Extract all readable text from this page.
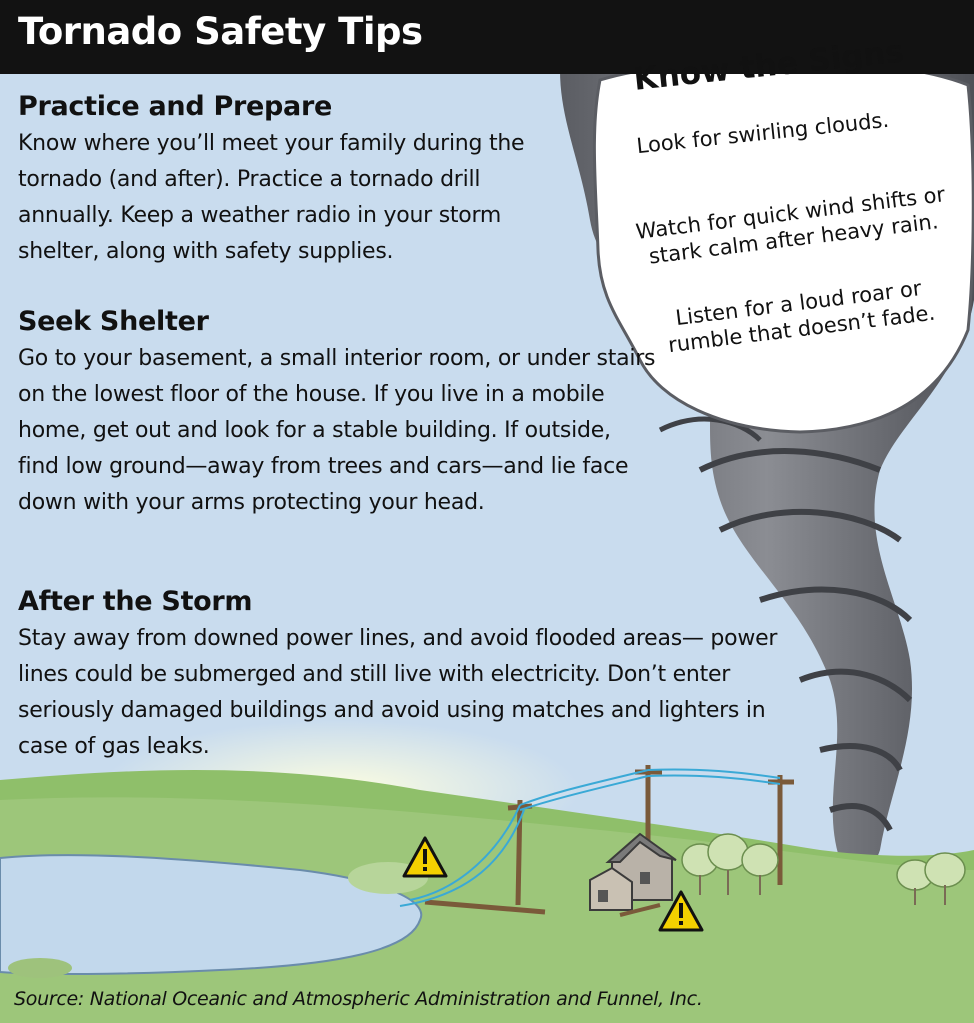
Tornado Safety Tips
Practice and Prepare

Know where you’ll meet your family during the tornado (and after). Practice a tornado drill annually. Keep a weather radio in your storm shelter, along with safety supplies.

Seek Shelter

Go to your basement, a small interior room, or under stairs on the lowest floor of the house. If you live in a mobile home, get out and look for a stable building. If outside, find low ground—away from trees and cars—and lie face down with your arms protecting your head.

After the Storm

Stay away from downed power lines, and avoid flooded areas— power lines could be submerged and still live with electricity. Don’t enter seriously damaged buildings and avoid using matches and lighters in case of gas leaks.

Know the Signs
Look for swirling clouds.
Watch for quick wind shifts or stark calm after heavy rain.
Listen for a loud roar or rumble that doesn’t fade.
Source: National Oceanic and Atmospheric Administration and Funnel, Inc.
